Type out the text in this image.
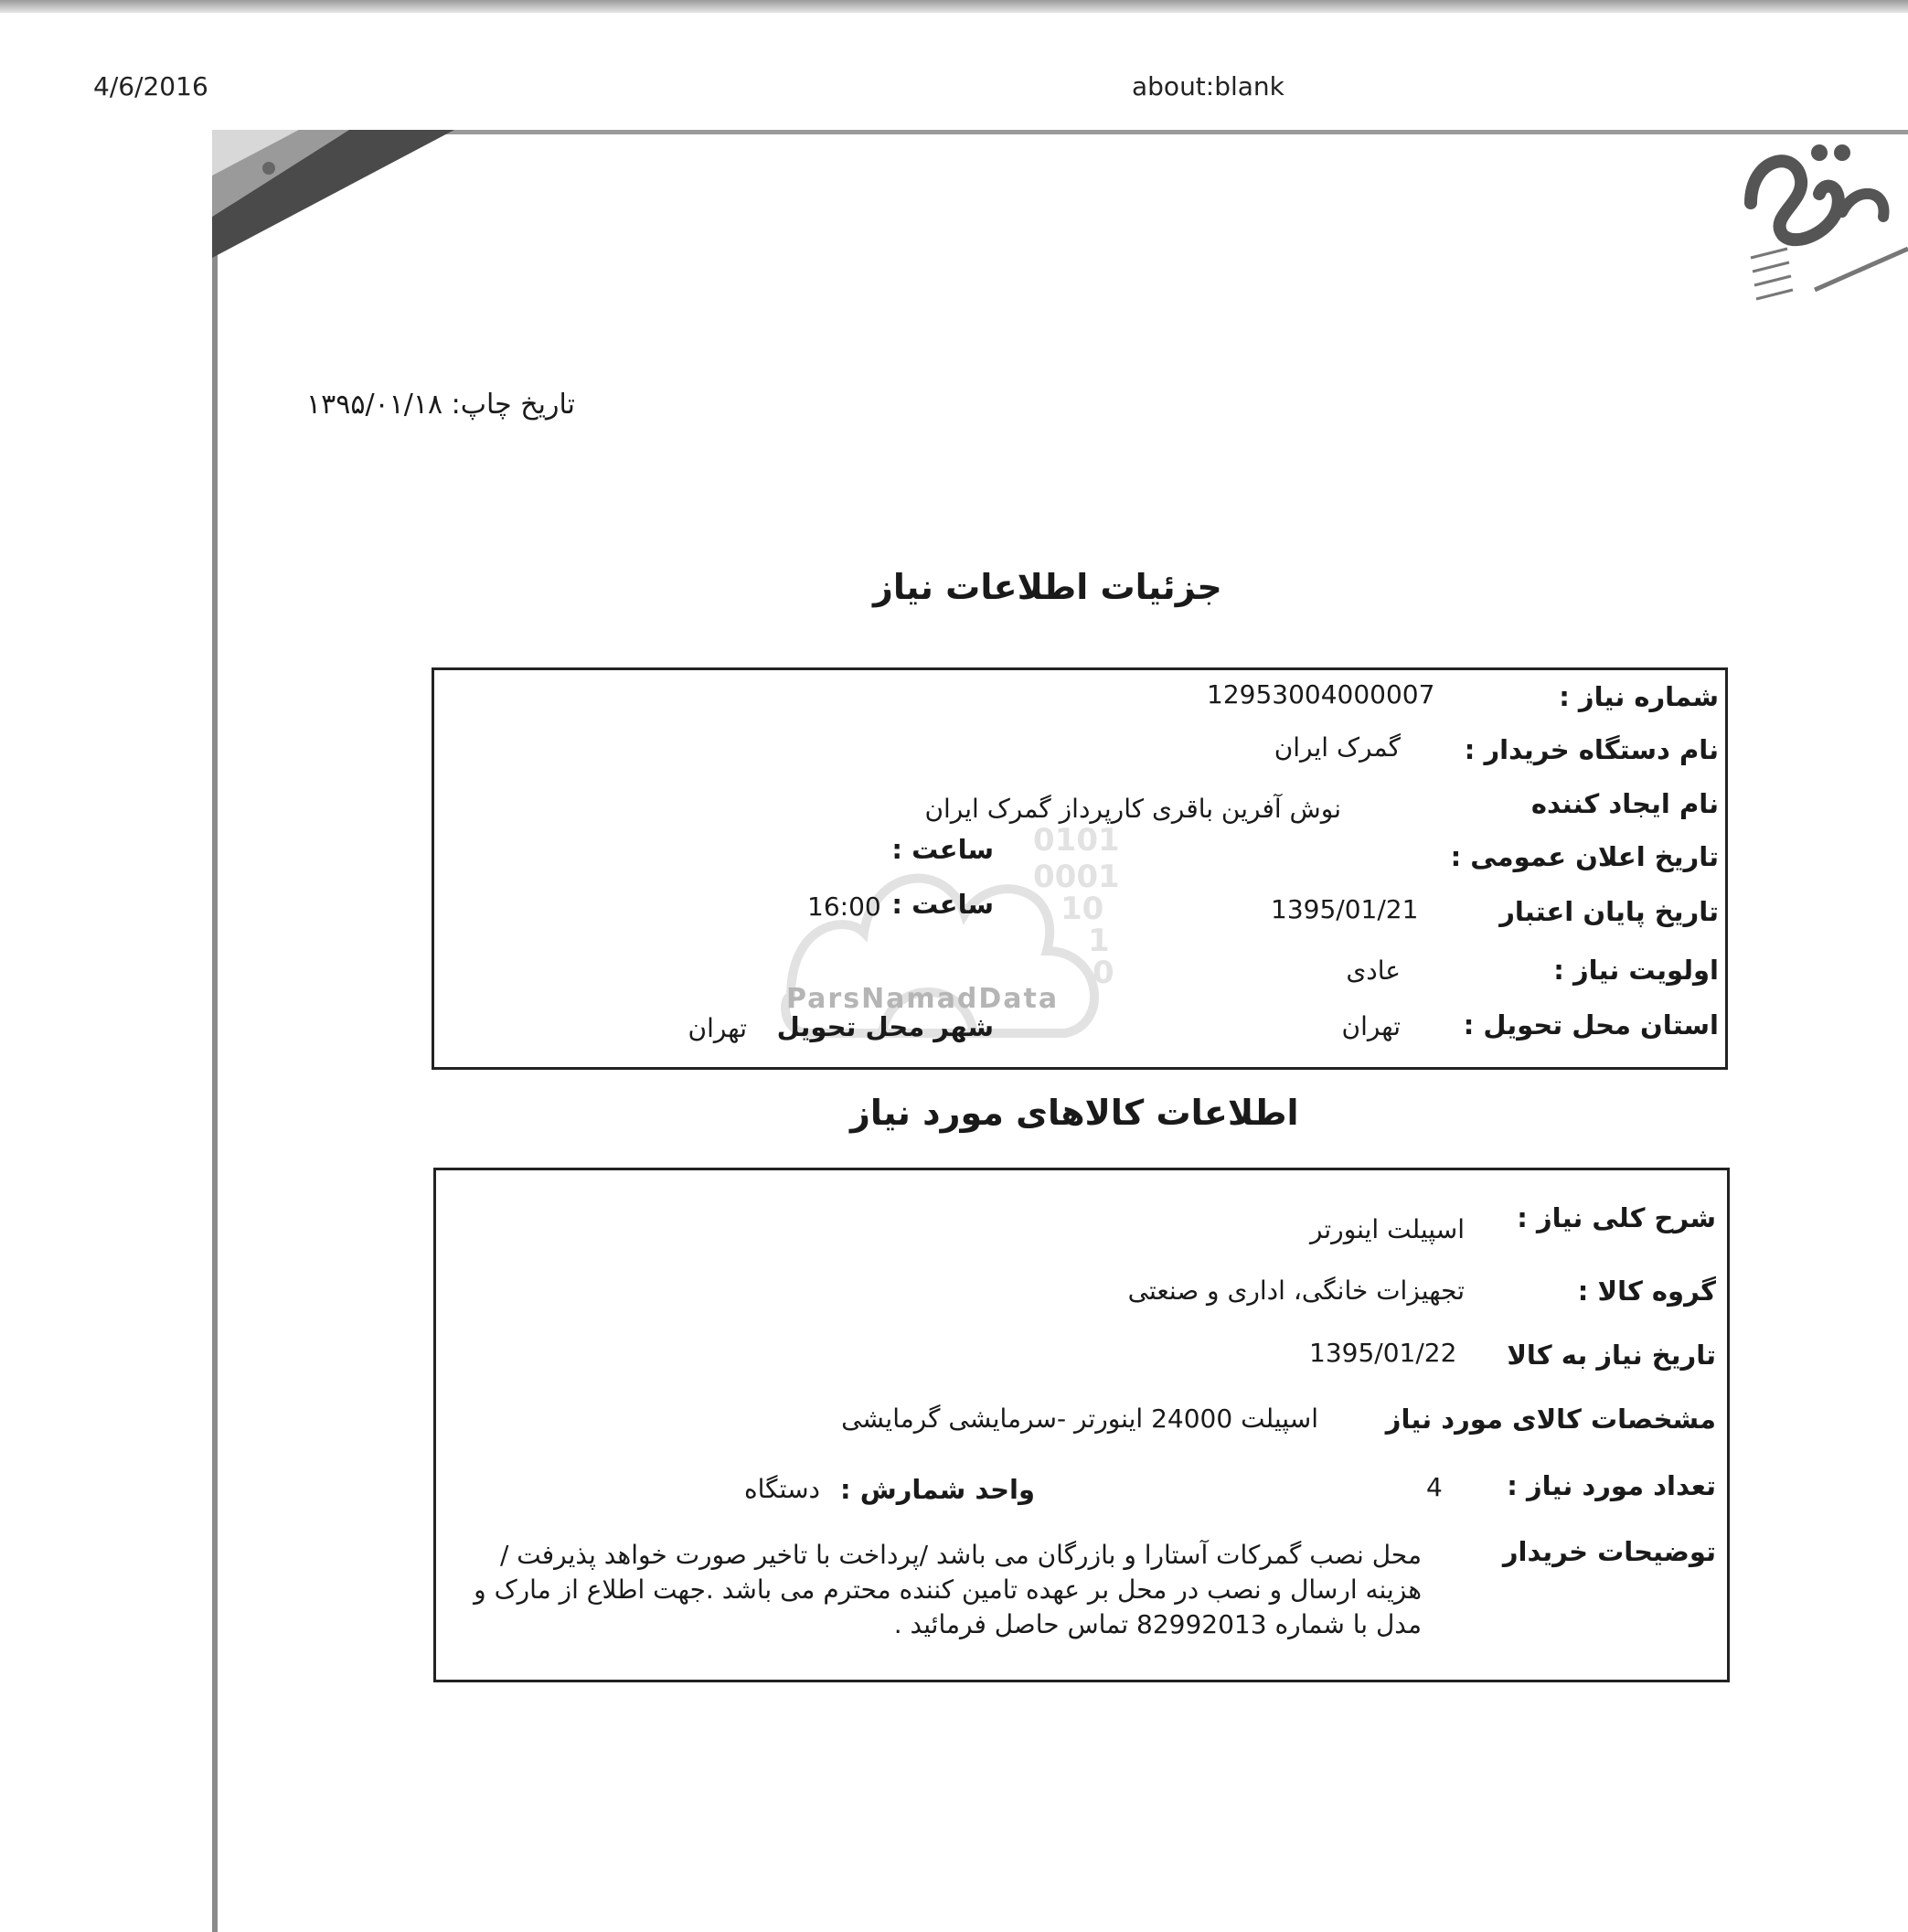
4/6/2016	about:blank
تاریخ چاپ: ۱۳۹۵/۰۱/۱۸
جزئیات اطلاعات نیاز
0101
0001
10
1
0
ParsNamadData
شماره نیاز :
12953004000007
نام دستگاه خریدار :
گمرک ایران
نام ایجاد کننده
نوش آفرین باقری کارپرداز گمرک ایران
تاریخ اعلان عمومی :
ساعت :
تاریخ پایان اعتبار
1395/01/21
ساعت :
16:00
اولویت نیاز :
عادی
استان محل تحویل :
تهران
شهر محل تحویل
تهران
اطلاعات کالاهای مورد نیاز
شرح کلی نیاز :
اسپیلت اینورتر
گروه کالا :
تجهیزات خانگی، اداری و صنعتی
تاریخ نیاز به کالا
1395/01/22
مشخصات کالای مورد نیاز
اسپیلت 24000 اینورتر -سرمایشی گرمایشی
تعداد مورد نیاز :
4
واحد شمارش :
دستگاه
توضیحات خریدار
محل نصب گمرکات آستارا و بازرگان می باشد /پرداخت با تاخیر صورت خواهد پذیرفت / هزینه ارسال و نصب در محل بر عهده تامین کننده محترم می باشد .جهت اطلاع از مارک و مدل با شماره 82992013 تماس حاصل فرمائید .
